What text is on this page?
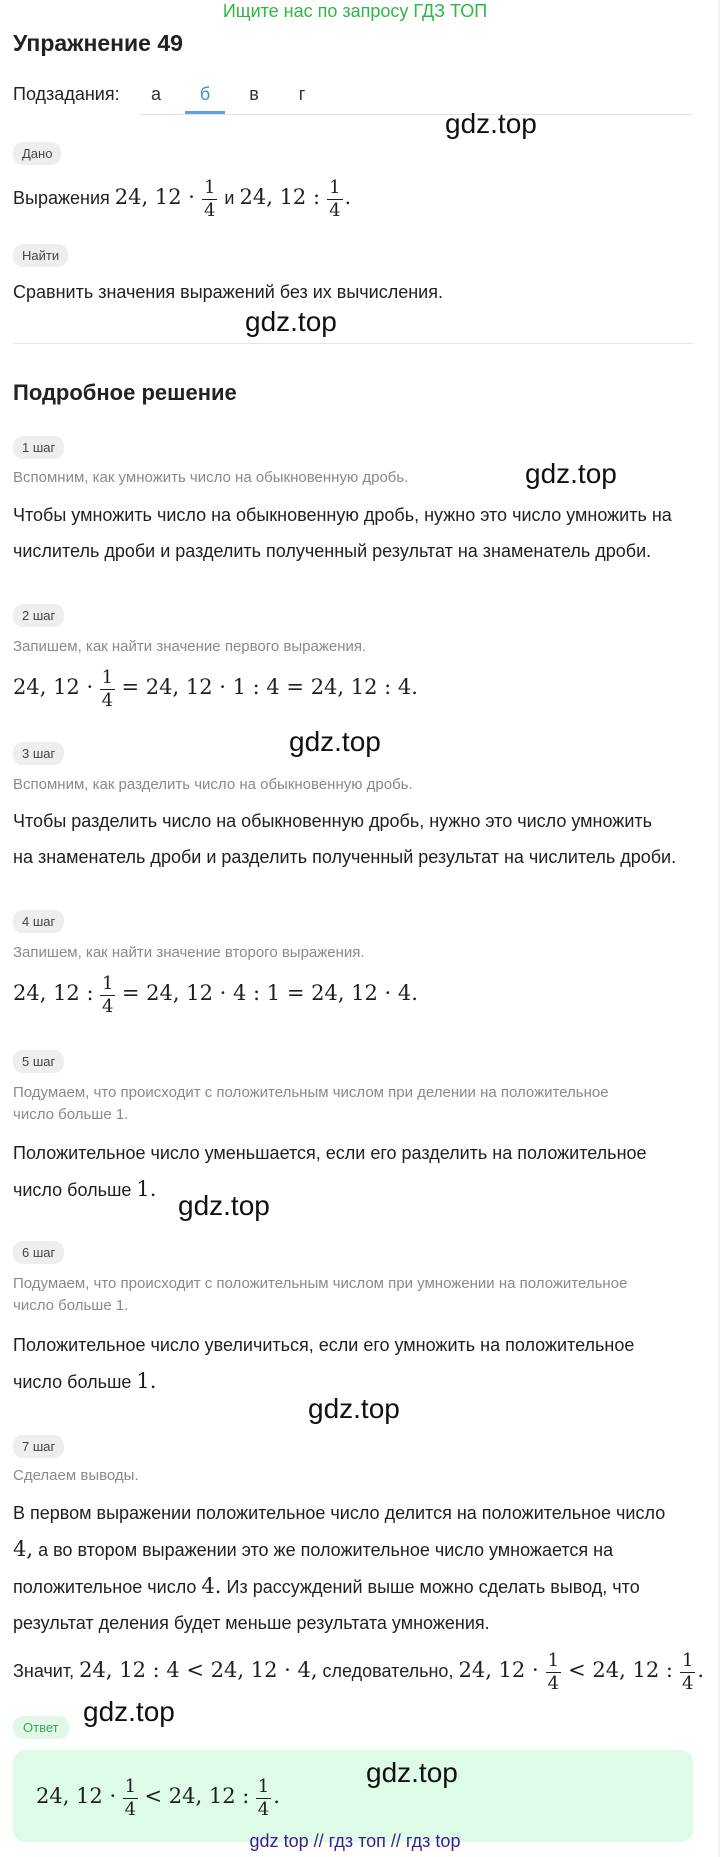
Ищите нас по запросу ГДЗ ТОП
Упражнение 49
Подзадания:	а	б	в	г
gdz.top
Дано
Выражения 24, $12 \cdot \frac{1}{4}$ и 24, 12 : $\frac{1}{4}$ .
Найти
Сравнить значения выражений без их вычисления.
gdz.top
Подробное решение
1 шаг
Вспомним, как умножить число на обыкновенную дробь.	gdz.top
Чтобы умножить число на обыкновенную дробь, нужно это число умножить на
числитель дроби и разделить полученный результат на знаменатель дроби.
2 шаг
Запишем, как найти значение первого выражения.
24, $12 \cdot \frac{1}{4} = 24$, 12 · 1 : 4 = 24, 12 : 4.
3 шаг	gdz.top
Вспомним, как разделить число на обыкновенную дробь.
Чтобы разделить число на обыкновенную дробь, нужно это число умножить
на знаменатель дроби и разделить полученный результат на числитель дроби.
4 шаг
Запишем, как найти значение второго выражения.
24, 12 : $\frac{1}{4} = 24$, 12 · 4 : 1 = 24, 12 · 4.
5 шаг
Подумаем, что происходит с положительным числом при делении на положительное
число больше 1.
Положительное число уменьшается, если его разделить на положительное
число больше 1.
gdz.top
6 шаг
Подумаем, что происходит с положительным числом при умножении на положительное
число больше 1.
Положительное число увеличиться, если его умножить на положительное
число больше 1.
gdz.top
7 шаг
Сделаем выводы.
В первом выражении положительное число делится на положительное число
4, а во втором выражении это же положительное число умножается на
положительное число 4. Из рассуждений выше можно сделать вывод, что
результат деления будет меньше результата умножения.
Значит, 24, 12 : 4 < 24, 12 · 4, следовательно, 24, $12 \cdot \frac{1}{4} < 24$, 12 : $\frac{1}{4}$ .
Ответ
gdz.top
24, $12 \cdot \frac{1}{4} < 24$, 12 : $\frac{1}{4}$ .
gdz.top
gdz top // гдз топ // гдз top
